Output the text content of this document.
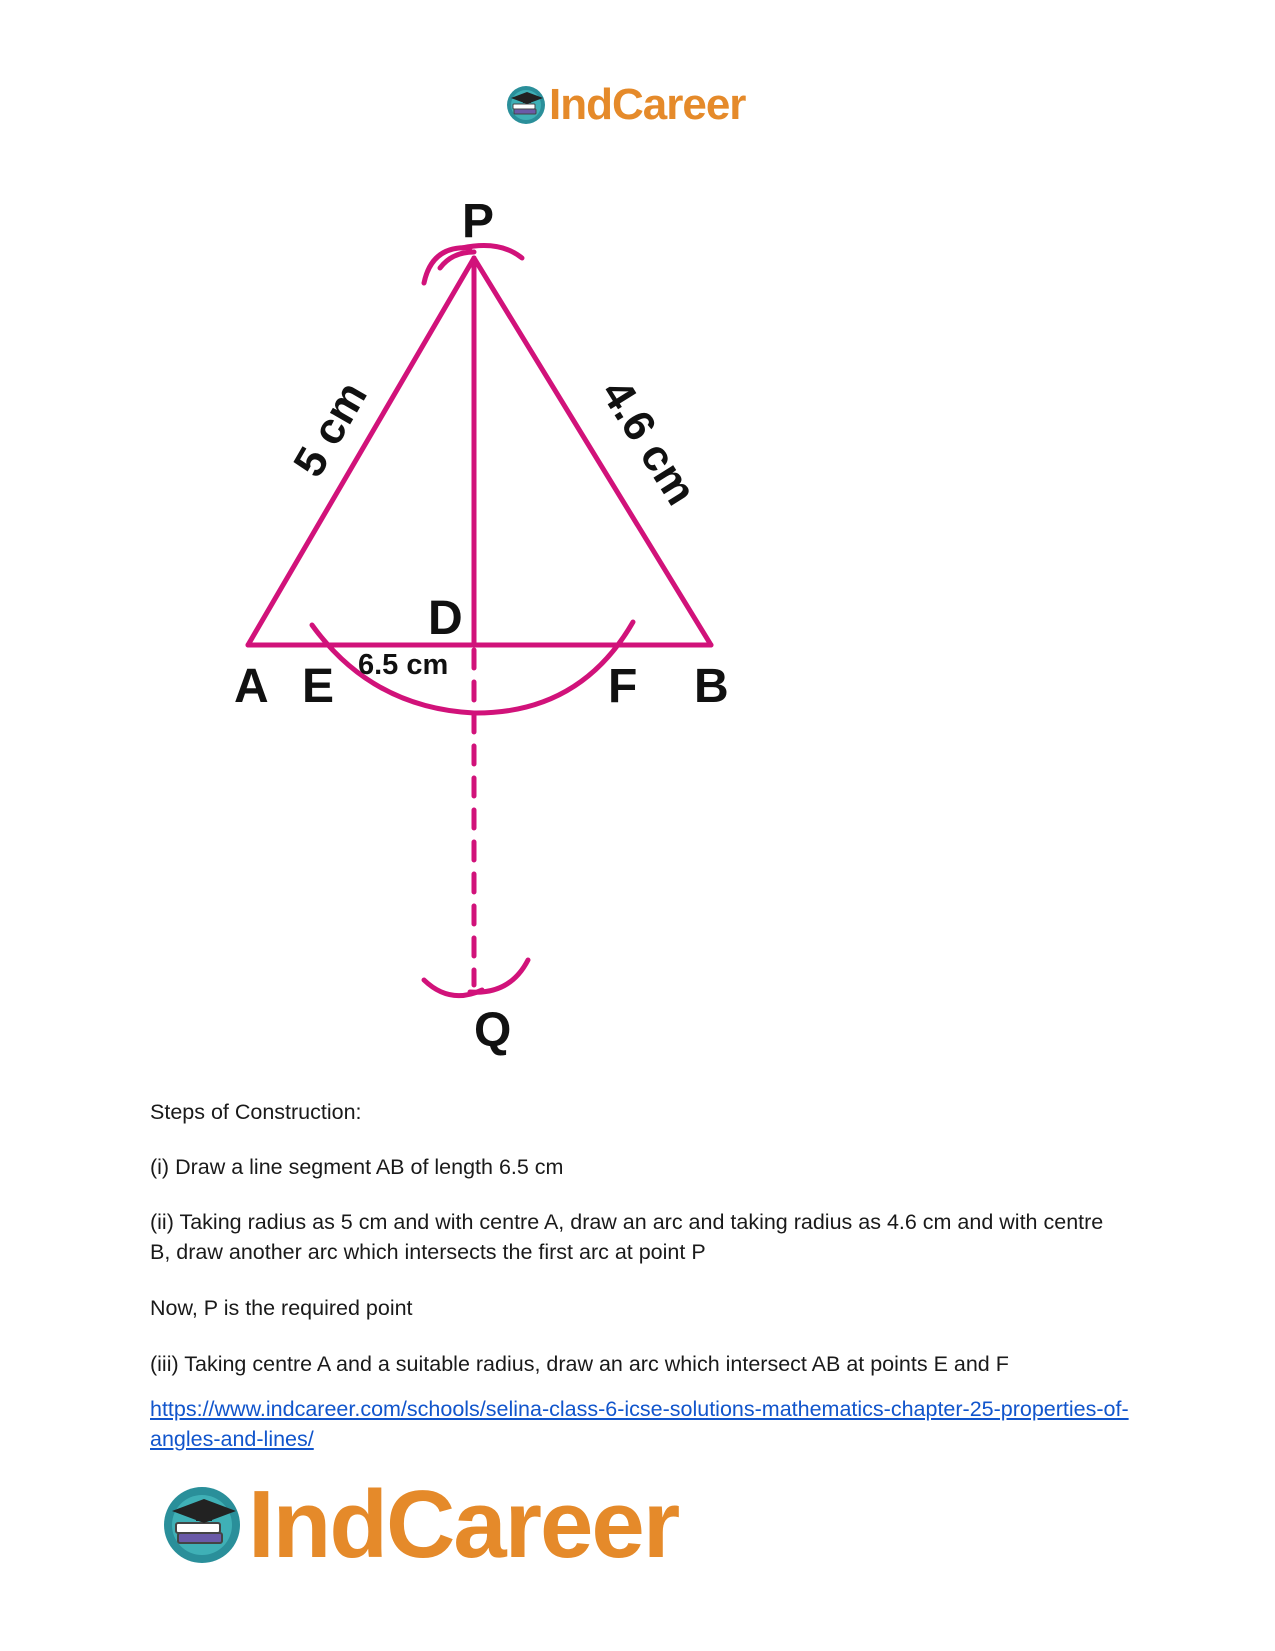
IndCareer
P
Q
A E
D
F B
6.5 cm
5 cm	4.6 cm

Steps of Construction:

(i) Draw a line segment AB of length 6.5 cm

(ii) Taking radius as 5 cm and with centre A, draw an arc and taking radius as 4.6 cm and with centre B, draw another arc which intersects the first arc at point P

Now, P is the required point

(iii) Taking centre A and a suitable radius, draw an arc which intersect AB at points E and F

https://www.indcareer.com/schools/selina-class-6-icse-solutions-mathematics-chapter-25-properties-of-angles-and-lines/
IndCareer
